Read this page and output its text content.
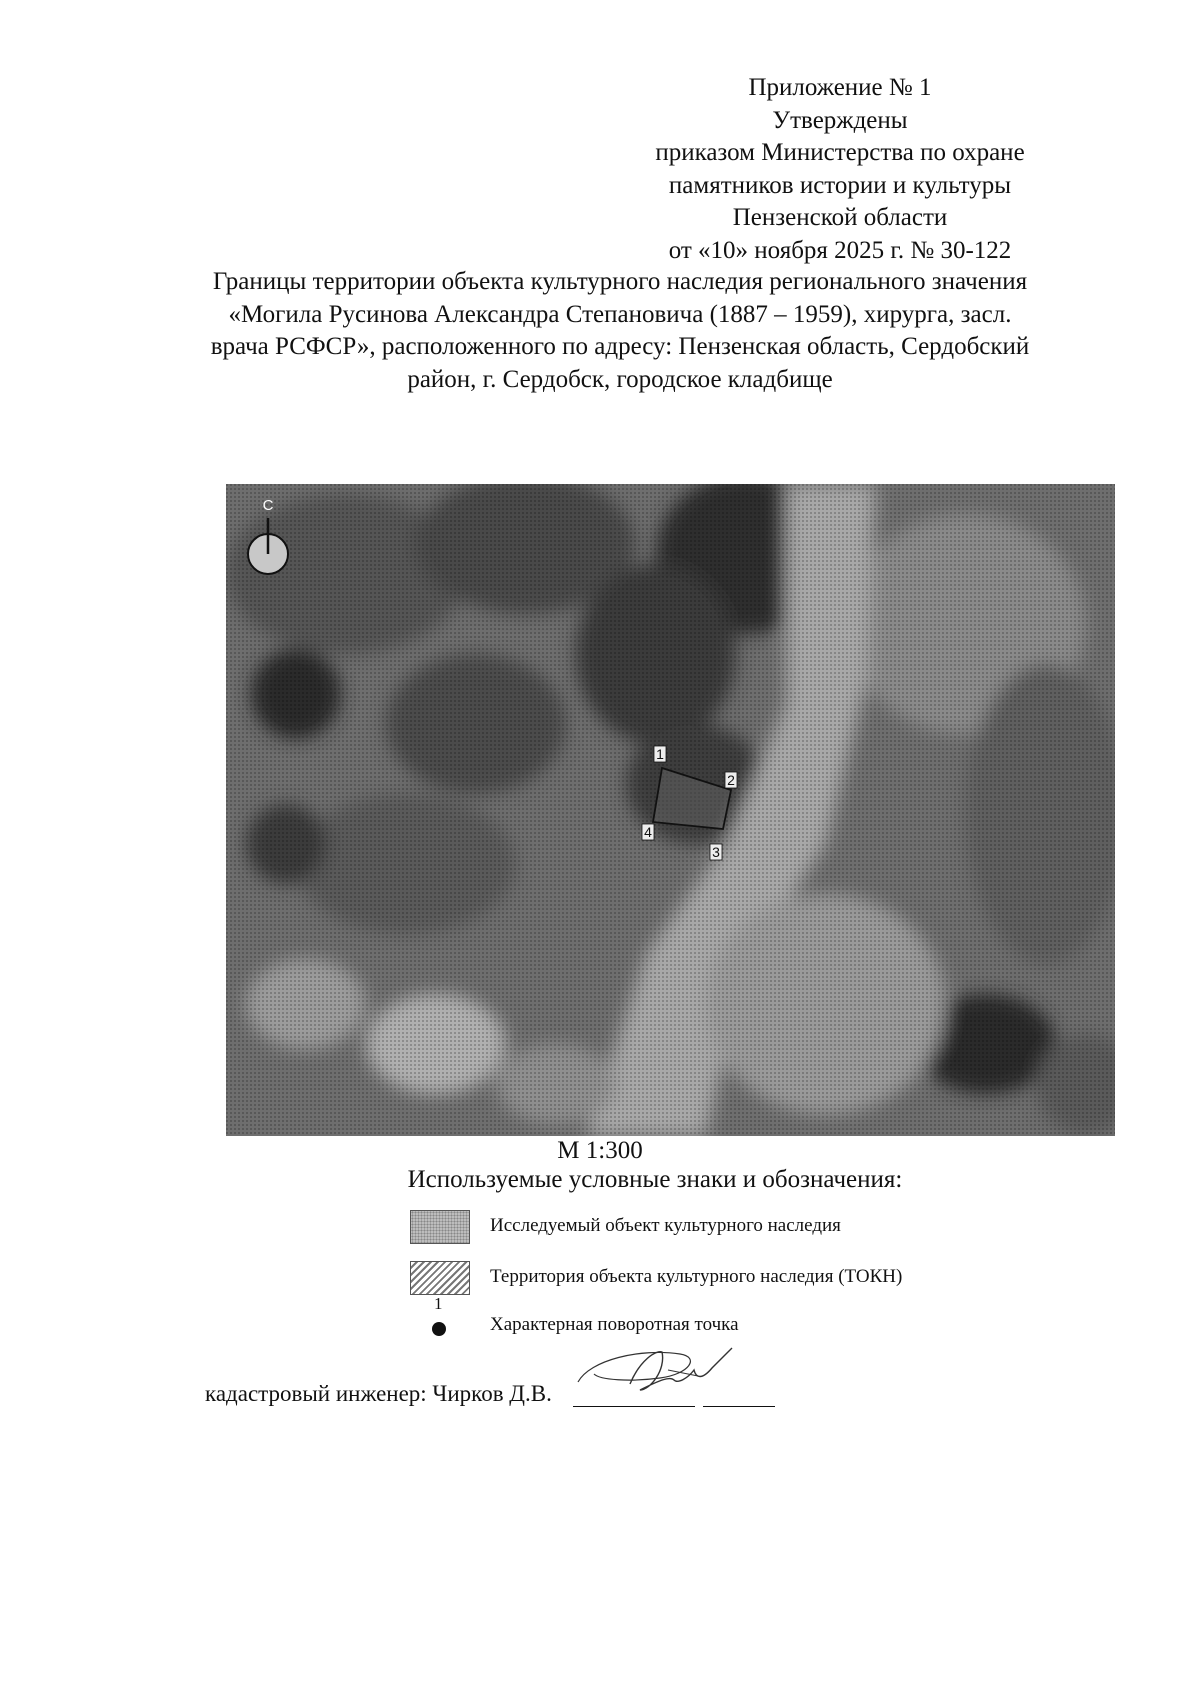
Приложение № 1
Утверждены
приказом Министерства по охране
памятников истории и культуры
Пензенской области
от «10» ноября 2025 г. № 30-122
Границы территории объекта культурного наследия регионального значения
«Могила Русинова Александра Степановича (1887 – 1959), хирурга, засл.
врача РСФСР», расположенного по адресу: Пензенская область, Сердобский
район, г. Сердобск, городское кладбище
С
1
2
3
4
М 1:300
Используемые условные знаки и обозначения:
Исследуемый объект культурного наследия
Территория объекта культурного наследия (ТОКН)
1
Характерная поворотная точка
кадастровый инженер: Чирков Д.В.
